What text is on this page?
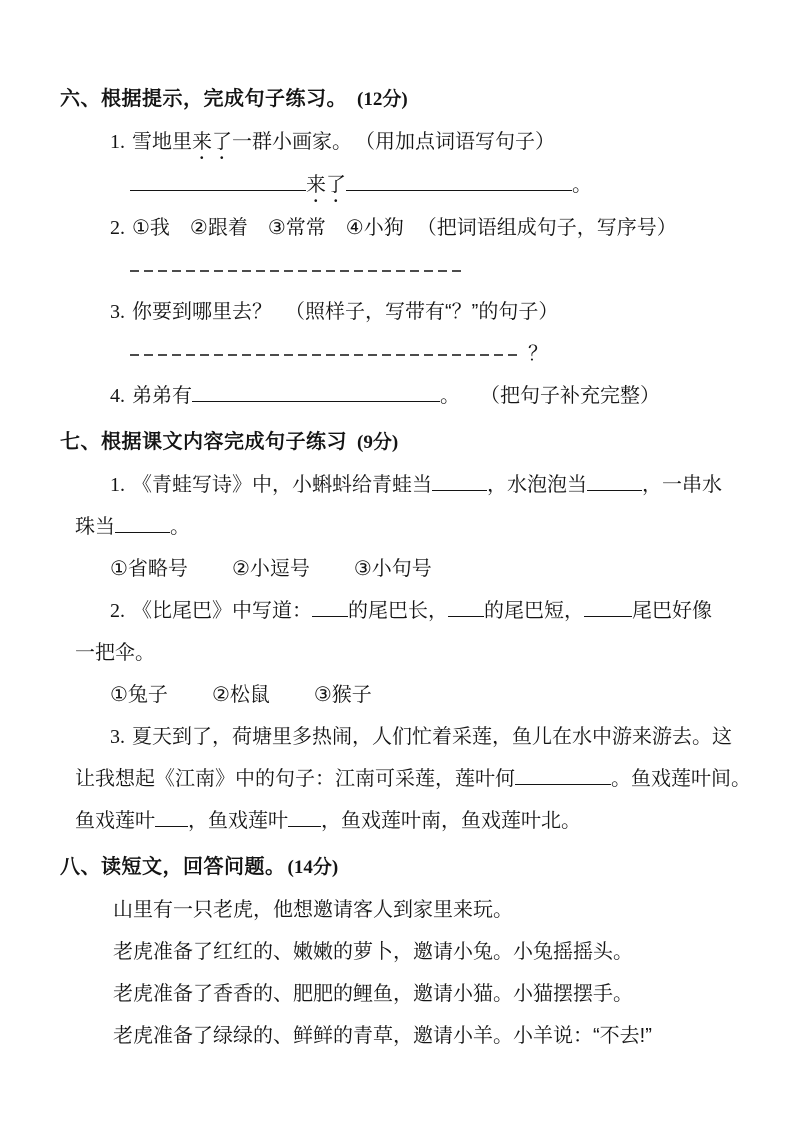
六、根据提示，完成句子练习。 (12分)
1. 雪地里来了一群小画家。 （用加点词语写句子）
来了	。
2. ①我　②跟着　③常常　④小狗 （把词语组成句子，写序号）
3. 你要到哪里去？ （照样子，写带有“？”的句子）
？
4. 弟弟有	。 （把句子补充完整）
七、根据课文内容完成句子练习 (9分)
1. 《青蛙写诗》中，小蝌蚪给青蛙当	，水泡泡当	，一串水
珠当	。
①省略号 ②小逗号 ③小句号
2. 《比尾巴》中写道： 的尾巴长， 的尾巴短， 尾巴好像
一把伞。
①兔子 ②松鼠 ③猴子
3. 夏天到了，荷塘里多热闹，人们忙着采莲，鱼儿在水中游来游去。这
让我想起《江南》中的句子：江南可采莲，莲叶何	。鱼戏莲叶间。
鱼戏莲叶 ，鱼戏莲叶 ，鱼戏莲叶南，鱼戏莲叶北。
八、读短文，回答问题。 (14分)
山里有一只老虎，他想邀请客人到家里来玩。
老虎准备了红红的、嫩嫩的萝卜，邀请小兔。小兔摇摇头。
老虎准备了香香的、肥肥的鲤鱼，邀请小猫。小猫摆摆手。
老虎准备了绿绿的、鲜鲜的青草，邀请小羊。小羊说：“不去!”
